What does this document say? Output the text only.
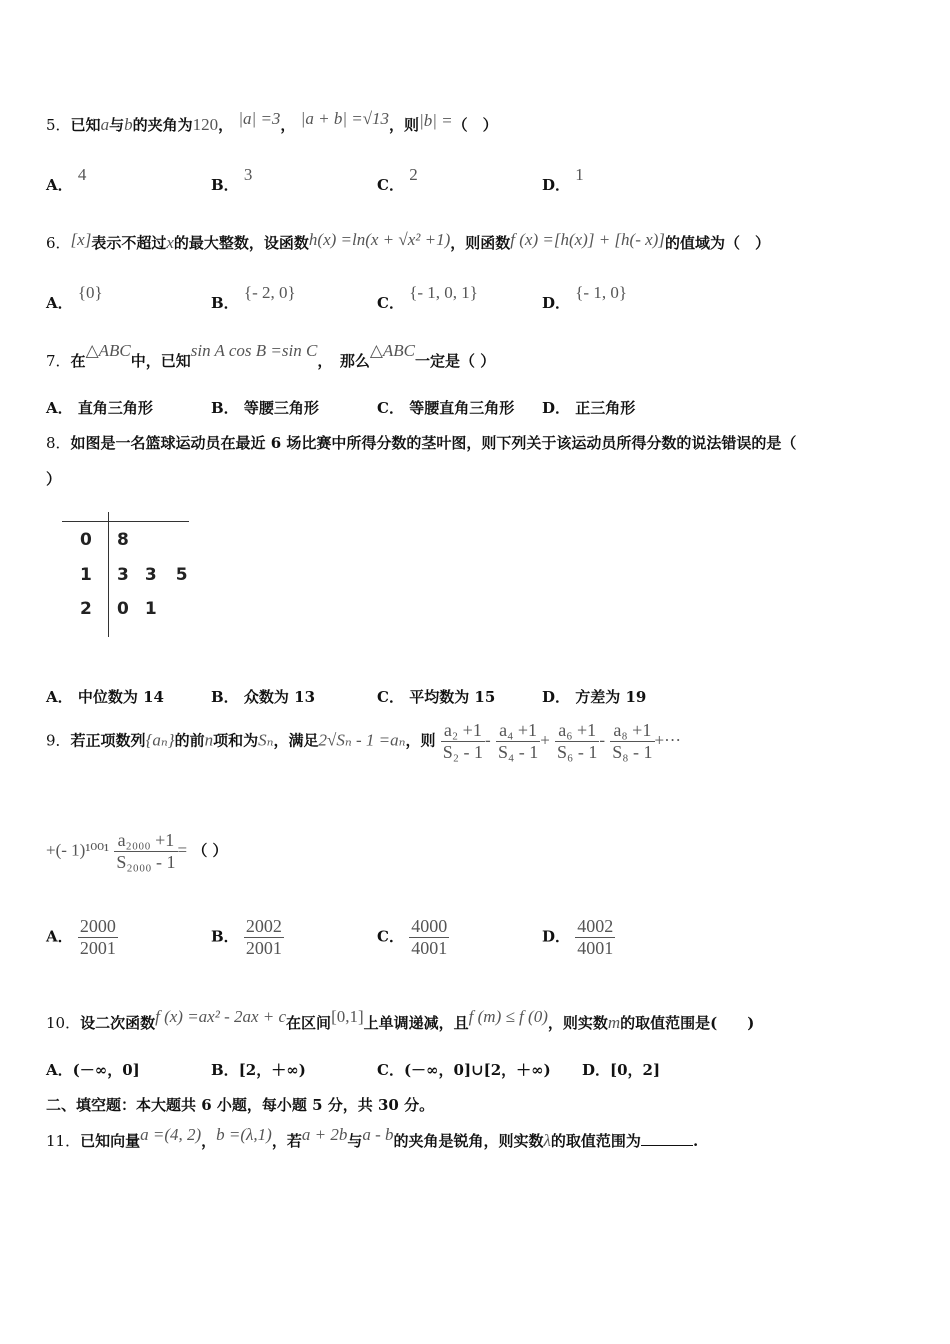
5．已知a与b的夹角为120， |a| =3， |a + b| =√13，则|b| =（　）
A． 4
B． 3
C． 2
D． 1
6．[x]表示不超过x的最大整数，设函数h(x) =ln(x + √x² +1)，则函数f (x) =[h(x)] + [h(- x)]的值域为（　）
A． {0}
B． {- 2, 0}
C． {- 1, 0, 1}
D． {- 1, 0}
7．在△ABC中，已知sin A cos B =sin C，　那么△ABC一定是（ ）
A． 直角三角形	B． 等腰三角形	C． 等腰直角三角形 D． 正三角形
8．如图是一名篮球运动员在最近 6 场比赛中所得分数的茎叶图，则下列关于该运动员所得分数的说法错误的是（
）
0 8
1 3 3 5
2 0 1
A． 中位数为 14	B． 众数为 13	C． 平均数为 15	D． 方差为 19
9．若正项数列{aₙ}的前n项和为Sₙ，满足2√Sₙ - 1 =aₙ，则 $\frac{\text{a₂ +1}}{\text{S₂ - 1}} - \frac{\text{a₄ +1}}{\text{S₄ - 1}} + \frac{\text{a₆ +1}}{\text{S₆ - 1}} - \frac{\text{a₈ +1}}{\text{S₈ - 1}}$ +···
+(- $1)^{1001} \frac{\text{a₂₀₀₀ +1}}{\text{S₂₀₀₀ - 1}}$ = （ ）
A． $\frac{2000}{2001}$	B． $\frac{2002}{2001}$	C． $\frac{4000}{4001}$	D． $\frac{4002}{4001}$
10．设二次函数f (x) =ax² - 2ax + c在区间[0,1]上单调递减，且f (m) ≤ f (0)，则实数m的取值范围是(　　)
A．(－∞，0]	B．[2，＋∞)	C．(－∞，0]∪[2，＋∞) D．[0，2]
二、填空题：本大题共 6 小题，每小题 5 分，共 30 分。
11．已知向量a =(4, 2)，b =(λ,1)，若a + 2b与a - b的夹角是锐角，则实数λ的取值范围为	.
